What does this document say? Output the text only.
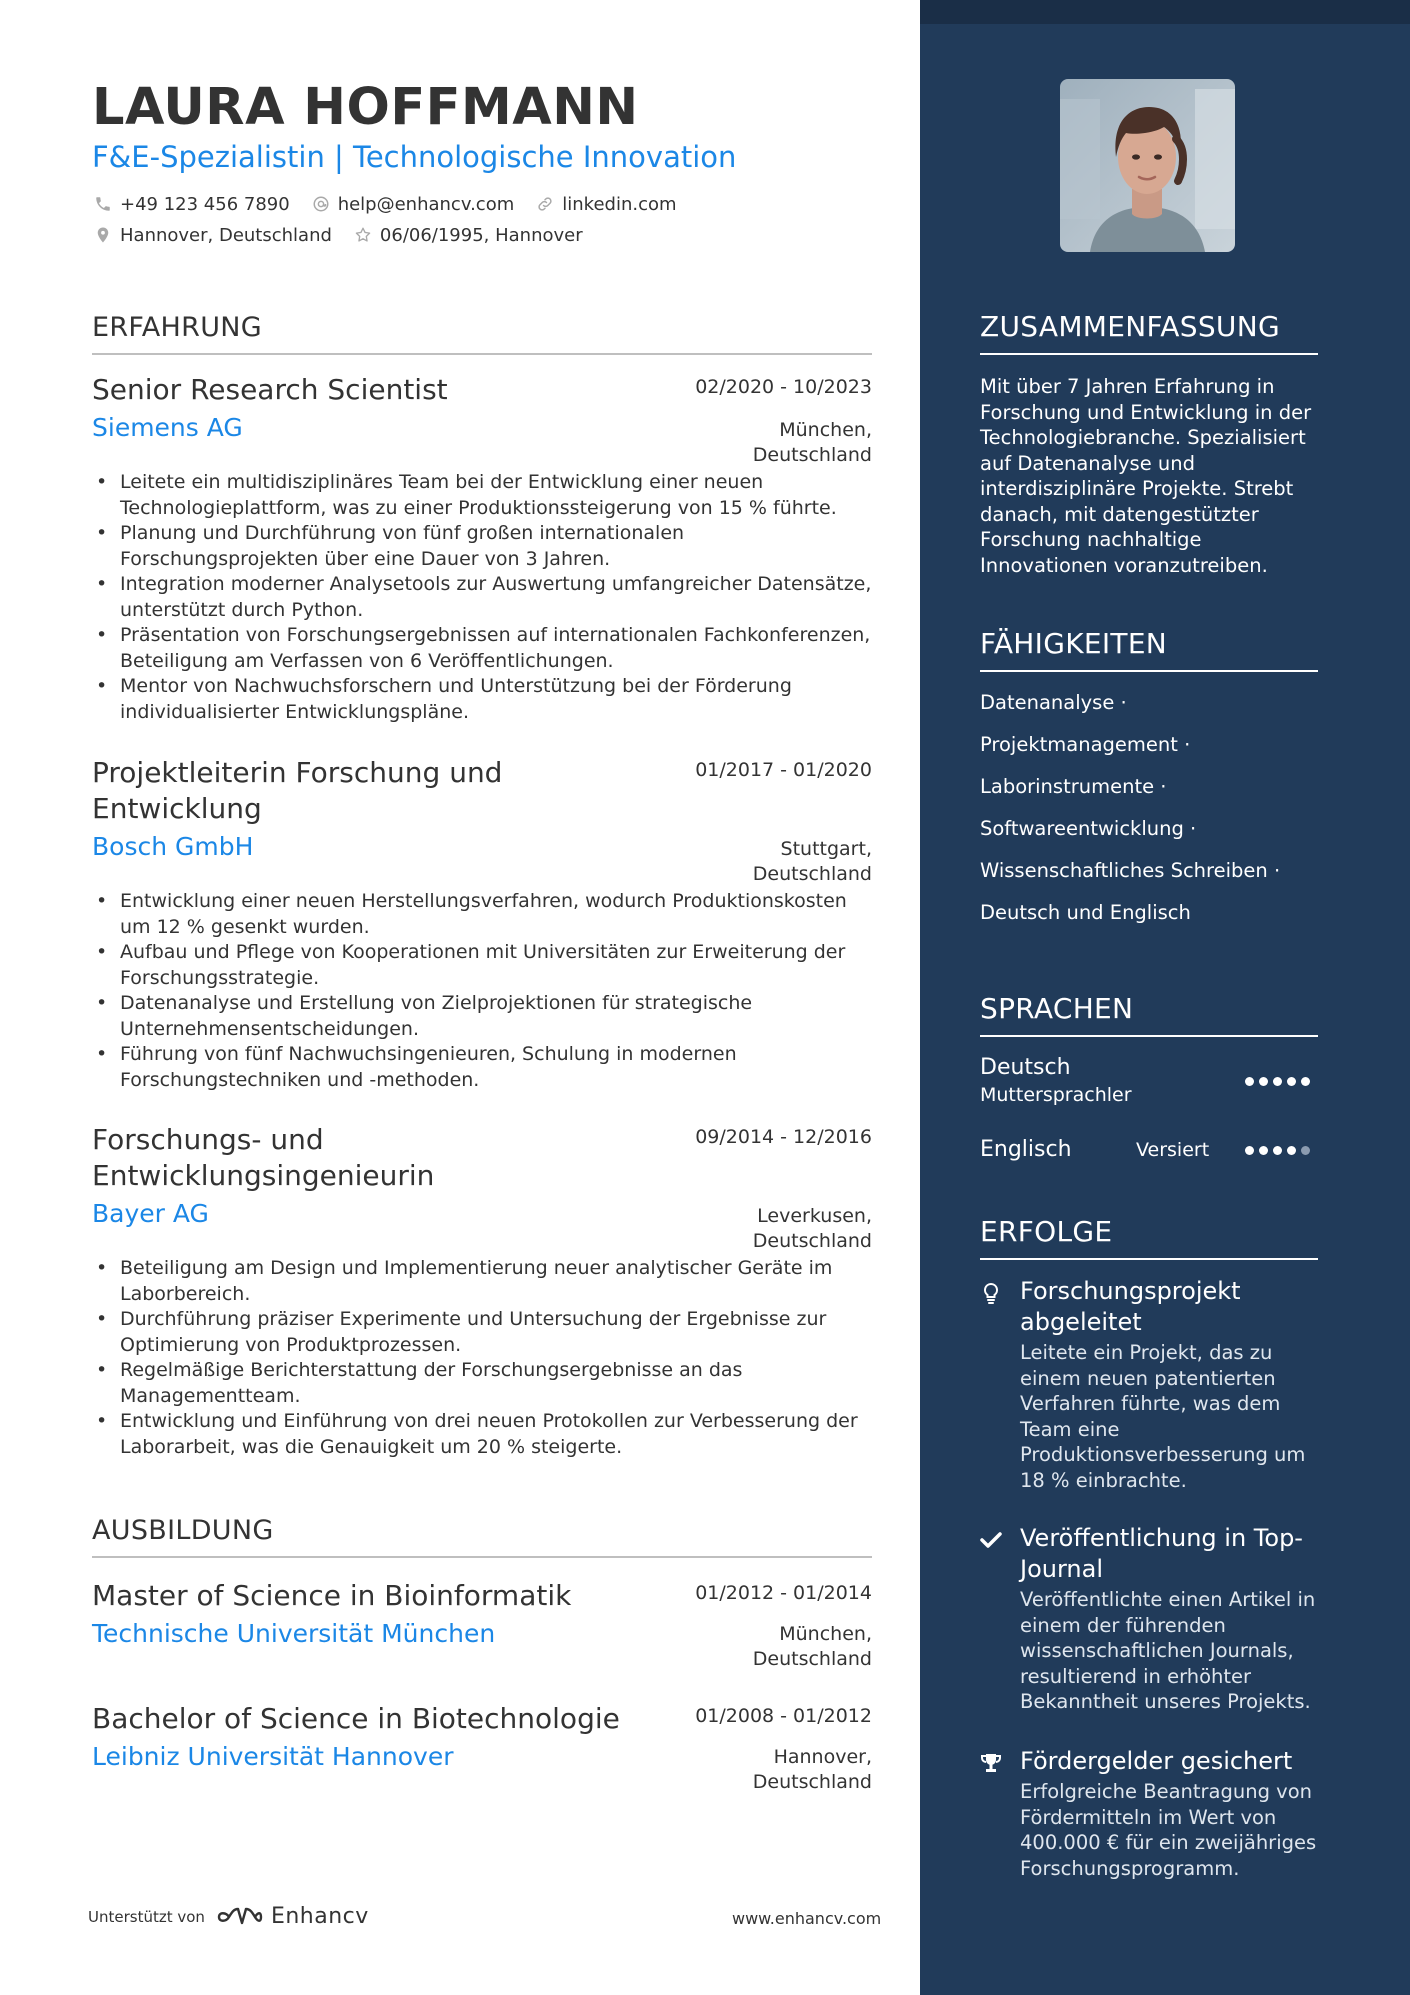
LAURA HOFFMANN
F&E-Spezialistin | Technologische Innovation
+49 123 456 7890	help@enhancv.com	linkedin.com
Hannover, Deutschland	06/06/1995, Hannover
ERFAHRUNG
Senior Research Scientist	02/2020 - 10/2023
Siemens AG	München,
Deutschland
• Leitete ein multidisziplinäres Team bei der Entwicklung einer neuen Technologieplattform, was zu einer Produktionssteigerung von 15 % führte.
• Planung und Durchführung von fünf großen internationalen Forschungsprojekten über eine Dauer von 3 Jahren.
• Integration moderner Analysetools zur Auswertung umfangreicher Datensätze, unterstützt durch Python.
• Präsentation von Forschungsergebnissen auf internationalen Fachkonferenzen, Beteiligung am Verfassen von 6 Veröffentlichungen.
• Mentor von Nachwuchsforschern und Unterstützung bei der Förderung individualisierter Entwicklungspläne.
Projektleiterin Forschung und Entwicklung
01/2017 - 01/2020
Bosch GmbH	Stuttgart,
Deutschland
• Entwicklung einer neuen Herstellungsverfahren, wodurch Produktionskosten um 12 % gesenkt wurden.
• Aufbau und Pflege von Kooperationen mit Universitäten zur Erweiterung der Forschungsstrategie.
• Datenanalyse und Erstellung von Zielprojektionen für strategische Unternehmensentscheidungen.
• Führung von fünf Nachwuchsingenieuren, Schulung in modernen Forschungstechniken und -methoden.
Forschungs- und Entwicklungsingenieurin
09/2014 - 12/2016
Bayer AG	Leverkusen,
Deutschland
• Beteiligung am Design und Implementierung neuer analytischer Geräte im Laborbereich.
• Durchführung präziser Experimente und Untersuchung der Ergebnisse zur Optimierung von Produktprozessen.
• Regelmäßige Berichterstattung der Forschungsergebnisse an das Managementteam.
• Entwicklung und Einführung von drei neuen Protokollen zur Verbesserung der Laborarbeit, was die Genauigkeit um 20 % steigerte.
AUSBILDUNG
Master of Science in Bioinformatik	01/2012 - 01/2014
Technische Universität München	München,
Deutschland
Bachelor of Science in Biotechnologie	01/2008 - 01/2012
Leibniz Universität Hannover	Hannover,
Deutschland
Unterstützt von	Enhancv	www.enhancv.com
ZUSAMMENFASSUNG
Mit über 7 Jahren Erfahrung in Forschung und Entwicklung in der Technologiebranche. Spezialisiert auf Datenanalyse und interdisziplinäre Projekte. Strebt danach, mit datengestützter Forschung nachhaltige Innovationen voranzutreiben.
FÄHIGKEITEN
Datenanalyse ·
Projektmanagement ·
Laborinstrumente ·
Softwareentwicklung ·
Wissenschaftliches Schreiben ·
Deutsch und Englisch
SPRACHEN
Deutsch
Muttersprachler
Englisch	Versiert
ERFOLGE
Forschungsprojekt abgeleitet
Leitete ein Projekt, das zu einem neuen patentierten Verfahren führte, was dem Team eine Produktionsverbesserung um 18 % einbrachte.
Veröffentlichung in Top-Journal
Veröffentlichte einen Artikel in einem der führenden wissenschaftlichen Journals, resultierend in erhöhter Bekanntheit unseres Projekts.
Fördergelder gesichert
Erfolgreiche Beantragung von Fördermitteln im Wert von 400.000 € für ein zweijähriges Forschungsprogramm.
